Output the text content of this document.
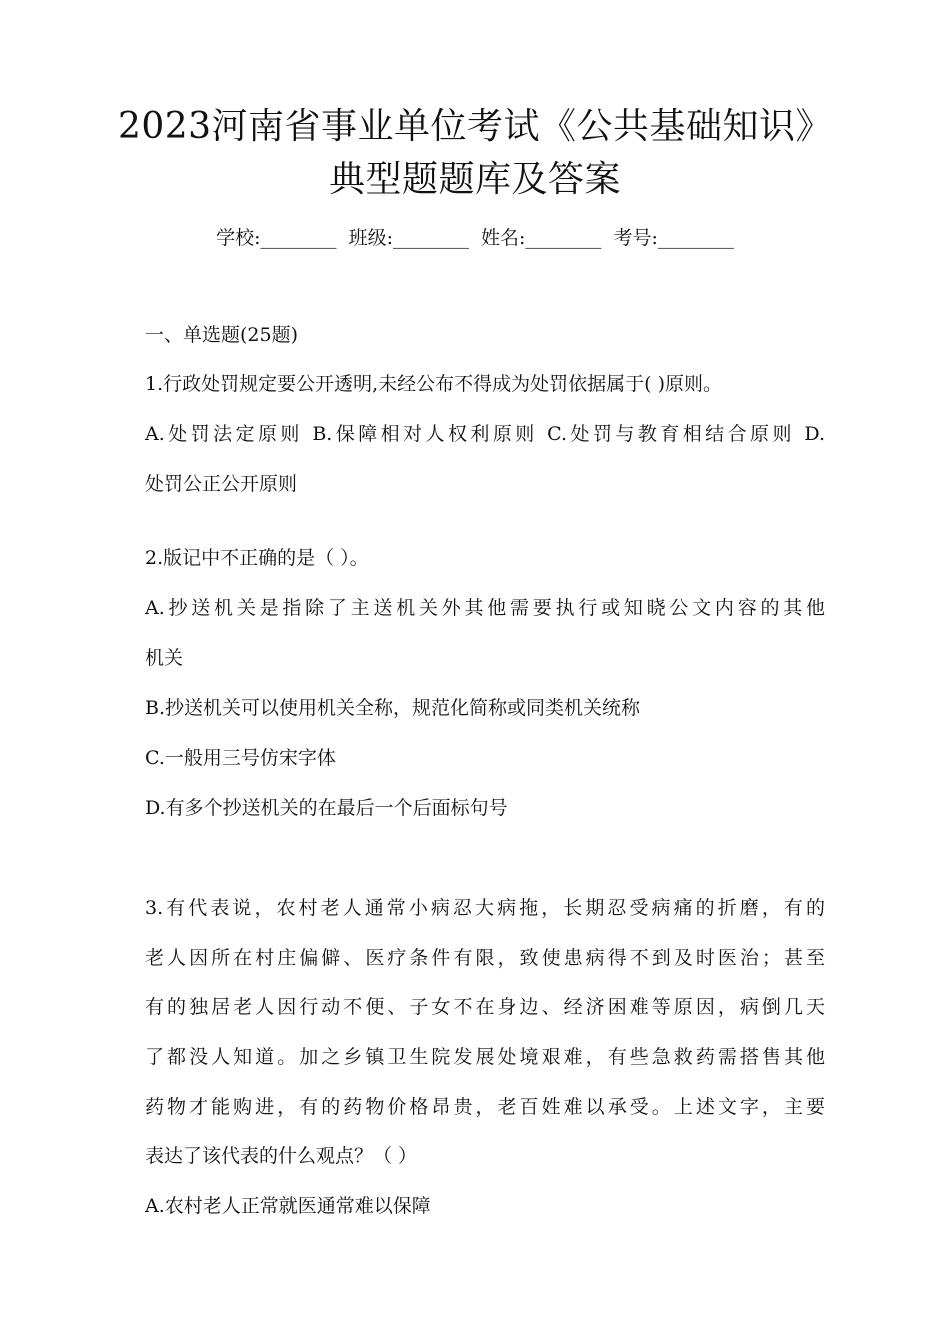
2023河南省事业单位考试《公共基础知识》
典型题题库及答案
学校:________ 班级:________ 姓名:________ 考号:________
一、单选题(25题)
1.行政处罚规定要公开透明,未经公布不得成为处罚依据属于( )原则。
A.处罚法定原则 B.保障相对人权利原则 C.处罚与教育相结合原则 D.
处罚公正公开原则
2.版记中不正确的是（ ）。
A.抄送机关是指除了主送机关外其他需要执行或知晓公文内容的其他
机关
B.抄送机关可以使用机关全称，规范化简称或同类机关统称
C.一般用三号仿宋字体
D.有多个抄送机关的在最后一个后面标句号
3.有代表说，农村老人通常小病忍大病拖，长期忍受病痛的折磨，有的
老人因所在村庄偏僻、医疗条件有限，致使患病得不到及时医治；甚至
有的独居老人因行动不便、子女不在身边、经济困难等原因，病倒几天
了都没人知道。加之乡镇卫生院发展处境艰难，有些急救药需搭售其他
药物才能购进，有的药物价格昂贵，老百姓难以承受。上述文字，主要
表达了该代表的什么观点？（ ）
A.农村老人正常就医通常难以保障
